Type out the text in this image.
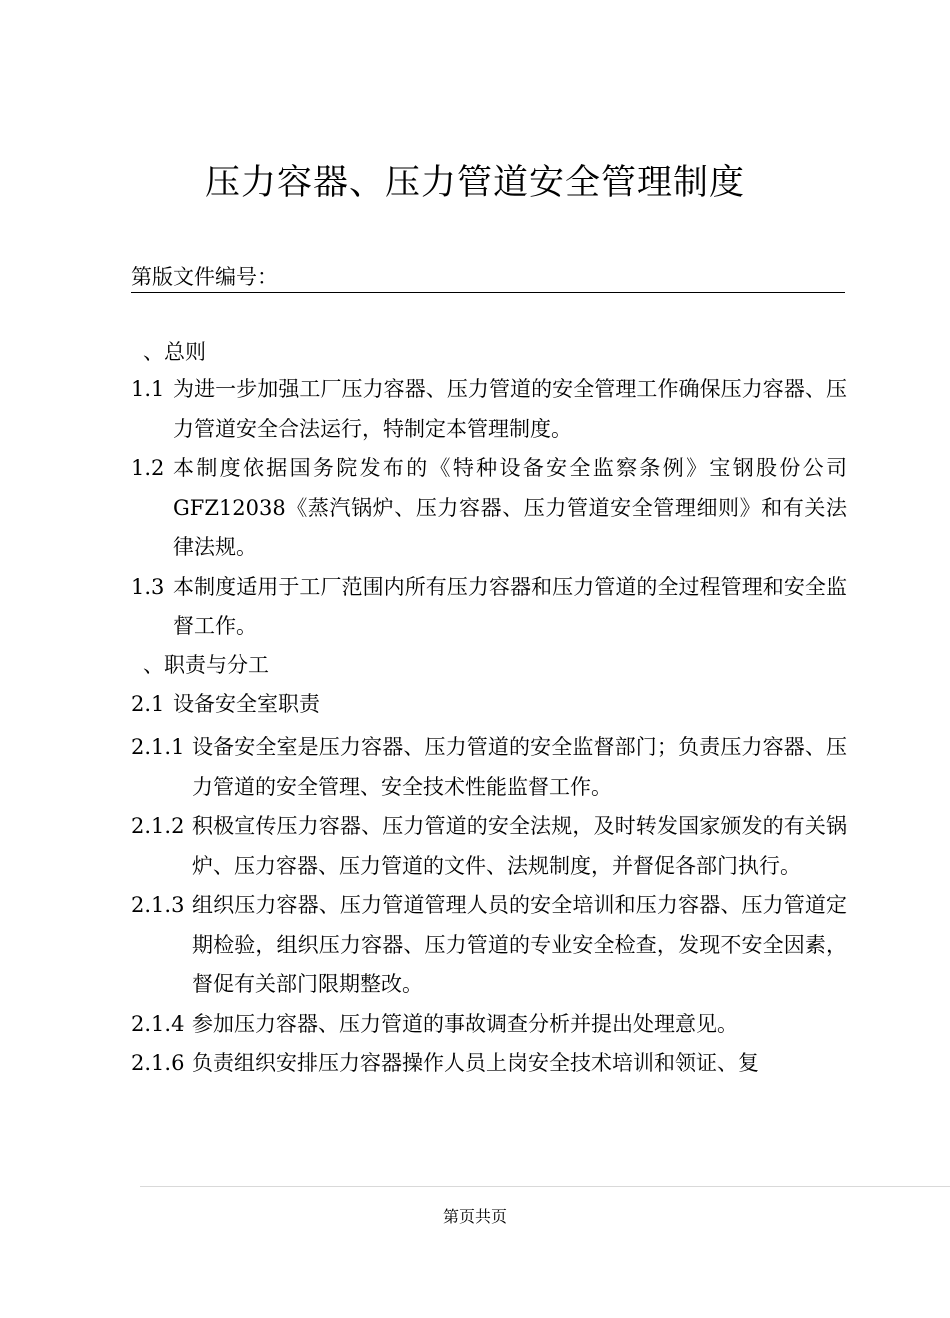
压力容器、压力管道安全管理制度
第版文件编号：
、总则
1.1 为进一步加强工厂压力容器、压力管道的安全管理工作确保压力容器、压力管道安全合法运行，特制定本管理制度。
1.2 本制度依据国务院发布的《特种设备安全监察条例》宝钢股份公司 GFZ12038《蒸汽锅炉、压力容器、压力管道安全管理细则》和有关法律法规。
1.3 本制度适用于工厂范围内所有压力容器和压力管道的全过程管理和安全监督工作。
、职责与分工
2.1 设备安全室职责
2.1.1 设备安全室是压力容器、压力管道的安全监督部门；负责压力容器、压力管道的安全管理、安全技术性能监督工作。
2.1.2 积极宣传压力容器、压力管道的安全法规，及时转发国家颁发的有关锅炉、压力容器、压力管道的文件、法规制度，并督促各部门执行。
2.1.3 组织压力容器、压力管道管理人员的安全培训和压力容器、压力管道定期检验，组织压力容器、压力管道的专业安全检查，发现不安全因素，督促有关部门限期整改。
2.1.4 参加压力容器、压力管道的事故调查分析并提出处理意见。
2.1.6 负责组织安排压力容器操作人员上岗安全技术培训和领证、复
第页共页
